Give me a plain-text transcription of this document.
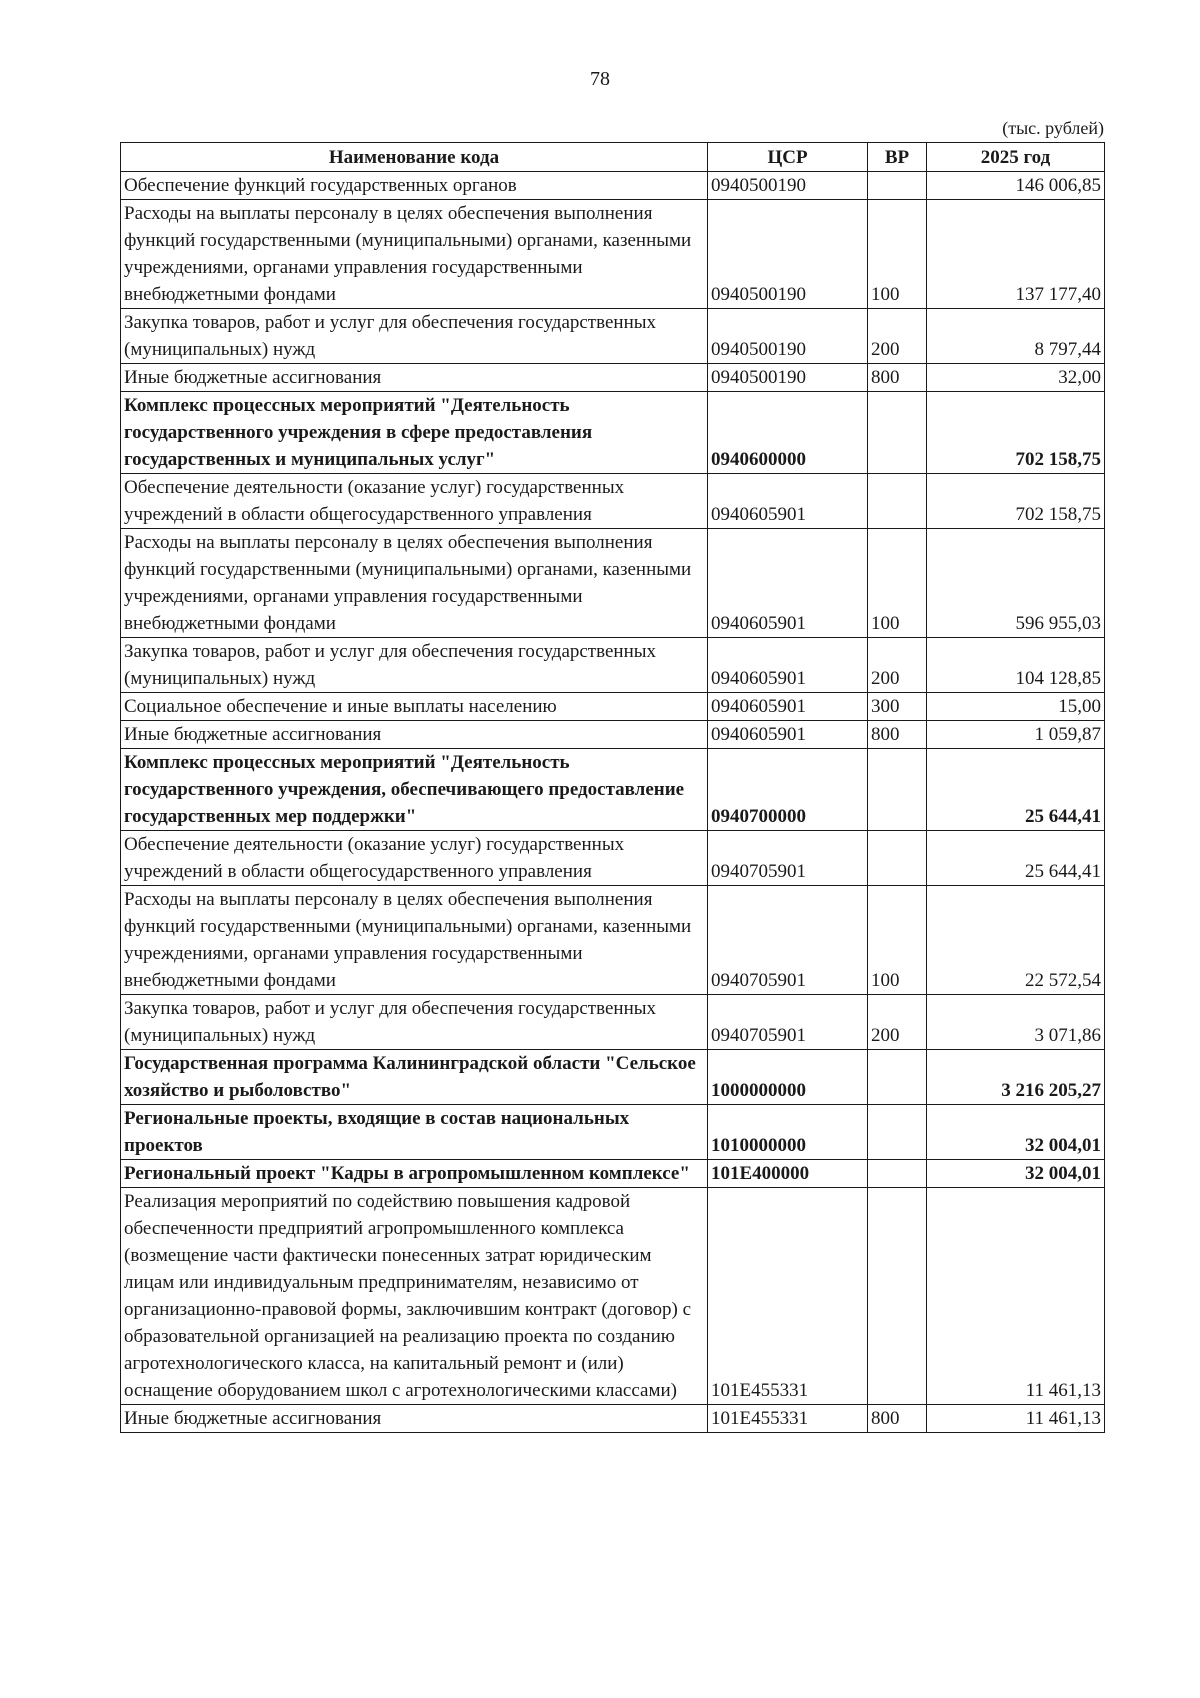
78
(тыс. рублей)
Наименование кода	ЦСР	ВР	2025 год
Обеспечение функций государственных органов	0940500190		146 006,85
Расходы на выплаты персоналу в целях обеспечения выполнения функций государственными (муниципальными) органами, казенными учреждениями, органами управления государственными внебюджетными фондами	0940500190	100	137 177,40
Закупка товаров, работ и услуг для обеспечения государственных (муниципальных) нужд	0940500190	200	8 797,44
Иные бюджетные ассигнования	0940500190	800	32,00
Комплекс процессных мероприятий "Деятельность государственного учреждения в сфере предоставления государственных и муниципальных услуг"	0940600000		702 158,75
Обеспечение деятельности (оказание услуг) государственных учреждений в области общегосударственного управления	0940605901		702 158,75
Расходы на выплаты персоналу в целях обеспечения выполнения функций государственными (муниципальными) органами, казенными учреждениями, органами управления государственными внебюджетными фондами	0940605901	100	596 955,03
Закупка товаров, работ и услуг для обеспечения государственных (муниципальных) нужд	0940605901	200	104 128,85
Социальное обеспечение и иные выплаты населению	0940605901	300	15,00
Иные бюджетные ассигнования	0940605901	800	1 059,87
Комплекс процессных мероприятий "Деятельность государственного учреждения, обеспечивающего предоставление государственных мер поддержки"	0940700000		25 644,41
Обеспечение деятельности (оказание услуг) государственных учреждений в области общегосударственного управления	0940705901		25 644,41
Расходы на выплаты персоналу в целях обеспечения выполнения функций государственными (муниципальными) органами, казенными учреждениями, органами управления государственными внебюджетными фондами	0940705901	100	22 572,54
Закупка товаров, работ и услуг для обеспечения государственных (муниципальных) нужд	0940705901	200	3 071,86
Государственная программа Калининградской области "Сельское хозяйство и рыболовство"	1000000000		3 216 205,27
Региональные проекты, входящие в состав национальных проектов	1010000000		32 004,01
Региональный проект "Кадры в агропромышленном комплексе"	101E400000		32 004,01
Реализация мероприятий по содействию повышения кадровой обеспеченности предприятий агропромышленного комплекса (возмещение части фактически понесенных затрат юридическим лицам или индивидуальным предпринимателям, независимо от организационно-правовой формы, заключившим контракт (договор) с образовательной организацией на реализацию проекта по созданию агротехнологического класса, на капитальный ремонт и (или) оснащение оборудованием школ с агротехнологическими классами)	101E455331		11 461,13
Иные бюджетные ассигнования	101E455331	800	11 461,13
